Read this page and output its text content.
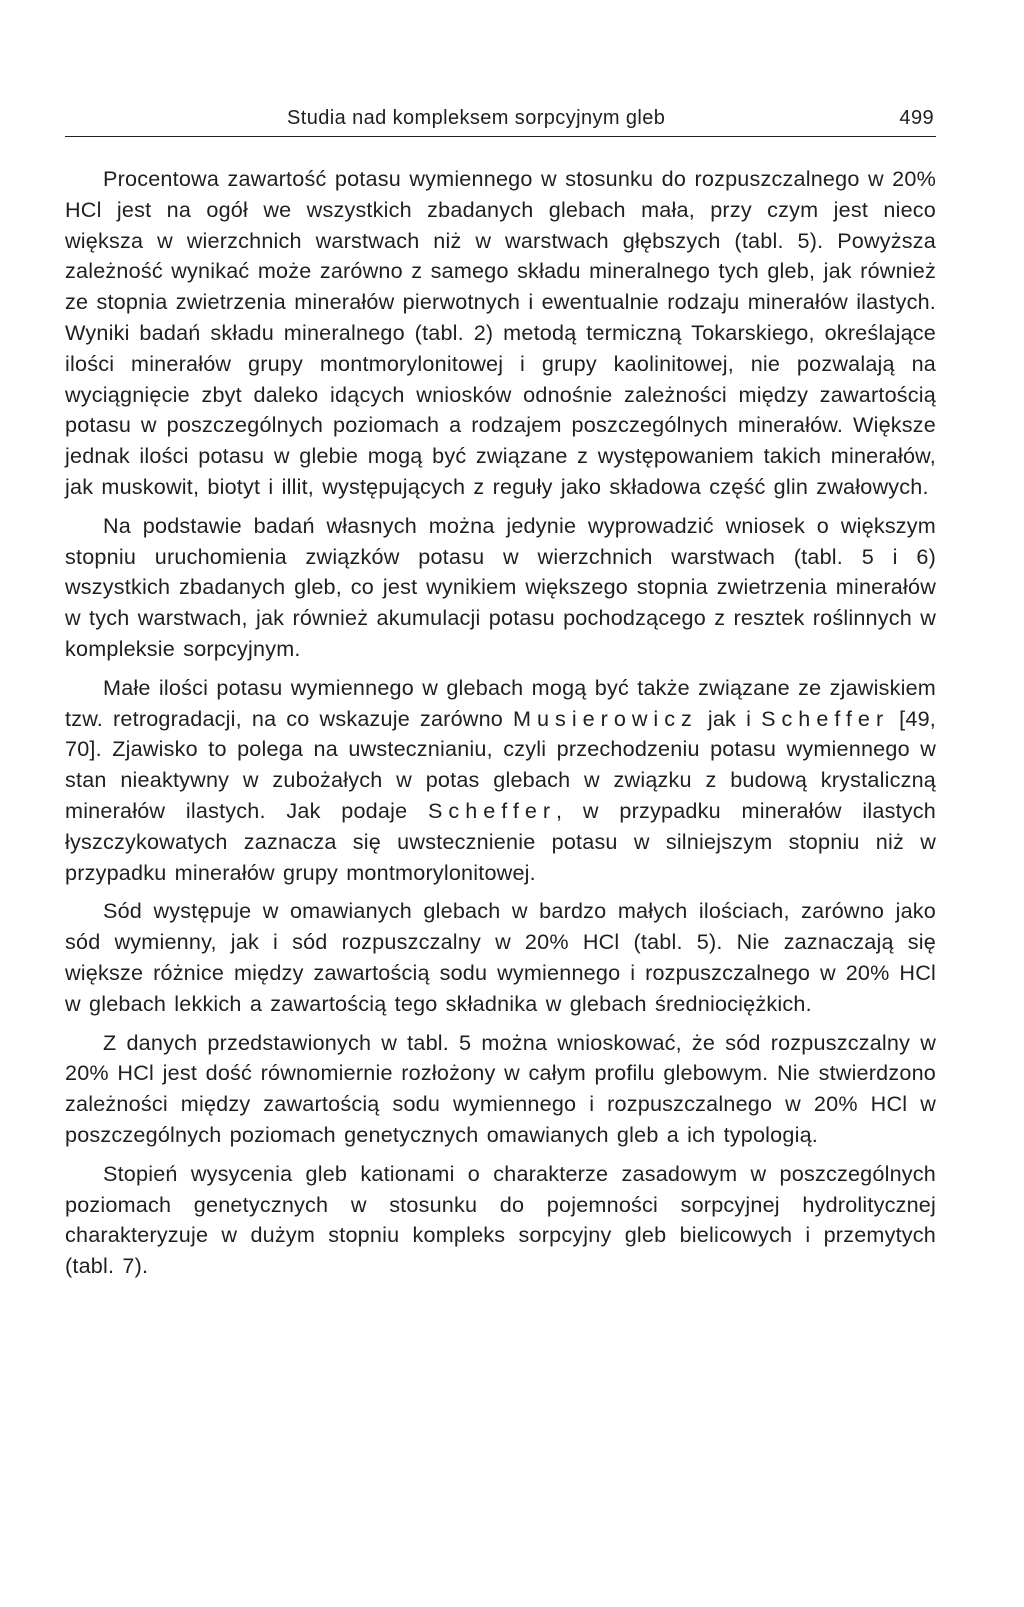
Studia nad kompleksem sorpcyjnym gleb	499

Procentowa zawartość potasu wymiennego w stosunku do rozpuszczalnego w 20% HCl jest na ogół we wszystkich zbadanych glebach mała, przy czym jest nieco większa w wierzchnich warstwach niż w warstwach głębszych (tabl. 5). Powyższa zależność wynikać może zarówno z samego składu mineralnego tych gleb, jak również ze stopnia zwietrzenia minerałów pierwotnych i ewentualnie rodzaju minerałów ilastych. Wyniki badań składu mineralnego (tabl. 2) metodą termiczną Tokarskiego, określające ilości minerałów grupy montmorylonitowej i grupy kaolinitowej, nie pozwalają na wyciągnięcie zbyt daleko idących wniosków odnośnie zależności między zawartością potasu w poszczególnych poziomach a rodzajem poszczególnych minerałów. Większe jednak ilości potasu w glebie mogą być związane z występowaniem takich minerałów, jak muskowit, biotyt i illit, występujących z reguły jako składowa część glin zwałowych.

Na podstawie badań własnych można jedynie wyprowadzić wniosek o większym stopniu uruchomienia związków potasu w wierzchnich warstwach (tabl. 5 i 6) wszystkich zbadanych gleb, co jest wynikiem większego stopnia zwietrzenia minerałów w tych warstwach, jak również akumulacji potasu pochodzącego z resztek roślinnych w kompleksie sorpcyjnym.

Małe ilości potasu wymiennego w glebach mogą być także związane ze zjawiskiem tzw. retrogradacji, na co wskazuje zarówno Musierowicz jak i Scheffer [49, 70]. Zjawisko to polega na uwstecznianiu, czyli przechodzeniu potasu wymiennego w stan nieaktywny w zubożałych w potas glebach w związku z budową krystaliczną minerałów ilastych. Jak podaje Scheffer, w przypadku minerałów ilastych łyszczykowatych zaznacza się uwstecznienie potasu w silniejszym stopniu niż w przypadku minerałów grupy montmorylonitowej.

Sód występuje w omawianych glebach w bardzo małych ilościach, zarówno jako sód wymienny, jak i sód rozpuszczalny w 20% HCl (tabl. 5). Nie zaznaczają się większe różnice między zawartością sodu wymiennego i rozpuszczalnego w 20% HCl w glebach lekkich a zawartością tego składnika w glebach średniociężkich.

Z danych przedstawionych w tabl. 5 można wnioskować, że sód rozpuszczalny w 20% HCl jest dość równomiernie rozłożony w całym profilu glebowym. Nie stwierdzono zależności między zawartością sodu wymiennego i rozpuszczalnego w 20% HCl w poszczególnych poziomach genetycznych omawianych gleb a ich typologią.

Stopień wysycenia gleb kationami o charakterze zasadowym w poszczególnych poziomach genetycznych w stosunku do pojemności sorpcyjnej hydrolitycznej charakteryzuje w dużym stopniu kompleks sorpcyjny gleb bielicowych i przemytych (tabl. 7).
